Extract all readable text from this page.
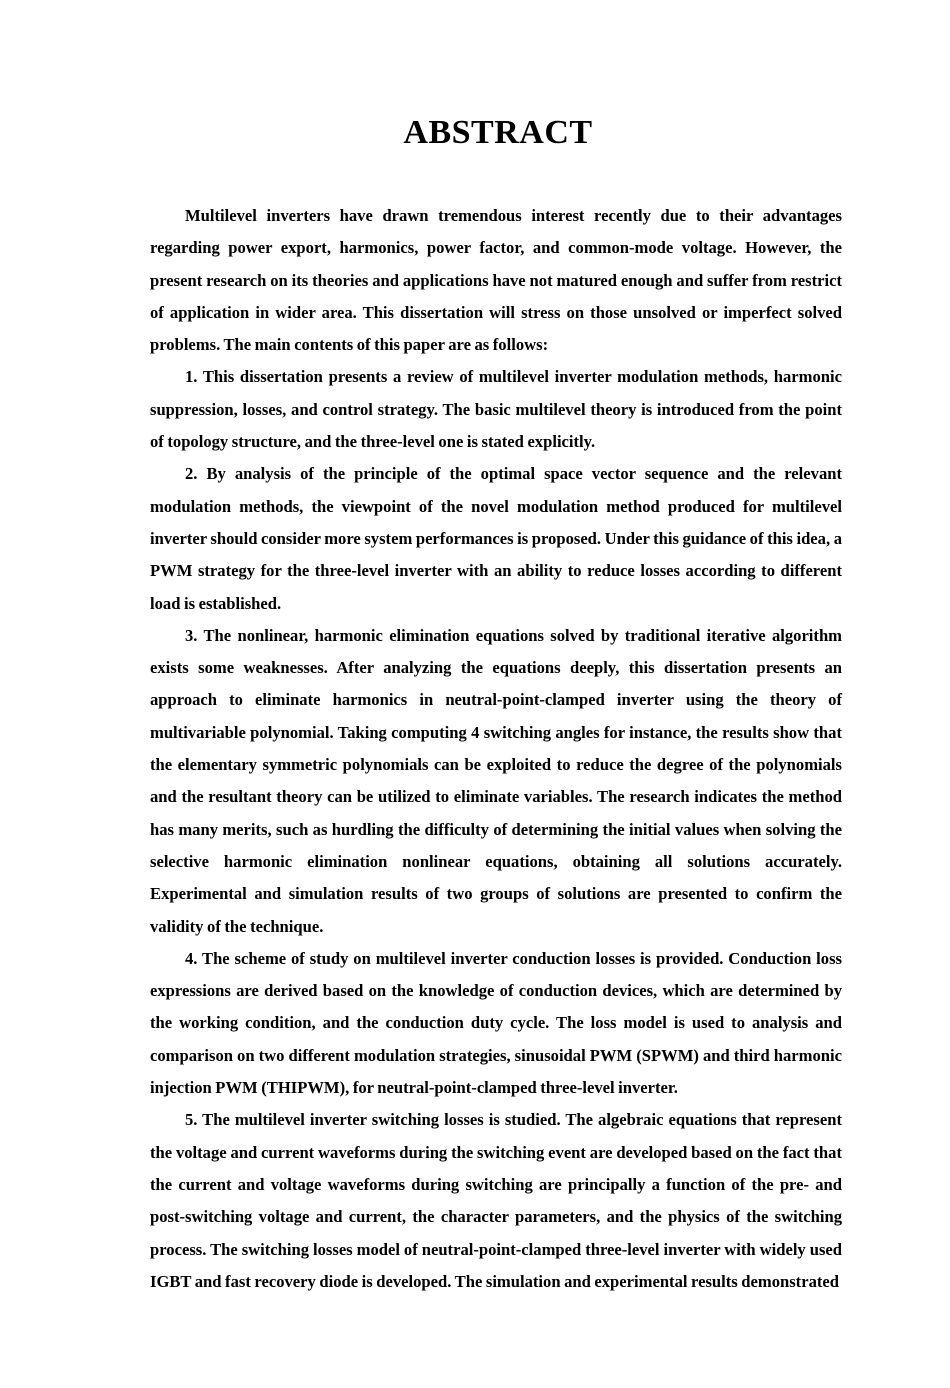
ABSTRACT

Multilevel inverters have drawn tremendous interest recently due to their advantages regarding power export, harmonics, power factor, and common-mode voltage. However, the present research on its theories and applications have not matured enough and suffer from restrict of application in wider area. This dissertation will stress on those unsolved or imperfect solved problems. The main contents of this paper are as follows:

1. This dissertation presents a review of multilevel inverter modulation methods, harmonic suppression, losses, and control strategy. The basic multilevel theory is introduced from the point of topology structure, and the three-level one is stated explicitly.

2. By analysis of the principle of the optimal space vector sequence and the relevant modulation methods, the viewpoint of the novel modulation method produced for multilevel inverter should consider more system performances is proposed. Under this guidance of this idea, a PWM strategy for the three-level inverter with an ability to reduce losses according to different load is established.

3. The nonlinear, harmonic elimination equations solved by traditional iterative algorithm exists some weaknesses. After analyzing the equations deeply, this dissertation presents an approach to eliminate harmonics in neutral-point-clamped inverter using the theory of multivariable polynomial. Taking computing 4 switching angles for instance, the results show that the elementary symmetric polynomials can be exploited to reduce the degree of the polynomials and the resultant theory can be utilized to eliminate variables. The research indicates the method has many merits, such as hurdling the difficulty of determining the initial values when solving the selective harmonic elimination nonlinear equations, obtaining all solutions accurately. Experimental and simulation results of two groups of solutions are presented to confirm the validity of the technique.

4. The scheme of study on multilevel inverter conduction losses is provided. Conduction loss expressions are derived based on the knowledge of conduction devices, which are determined by the working condition, and the conduction duty cycle. The loss model is used to analysis and comparison on two different modulation strategies, sinusoidal PWM (SPWM) and third harmonic injection PWM (THIPWM), for neutral-point-clamped three-level inverter.

5. The multilevel inverter switching losses is studied. The algebraic equations that represent the voltage and current waveforms during the switching event are developed based on the fact that the current and voltage waveforms during switching are principally a function of the pre- and post-switching voltage and current, the character parameters, and the physics of the switching process. The switching losses model of neutral-point-clamped three-level inverter with widely used IGBT and fast recovery diode is developed. The simulation and experimental results demonstrated
